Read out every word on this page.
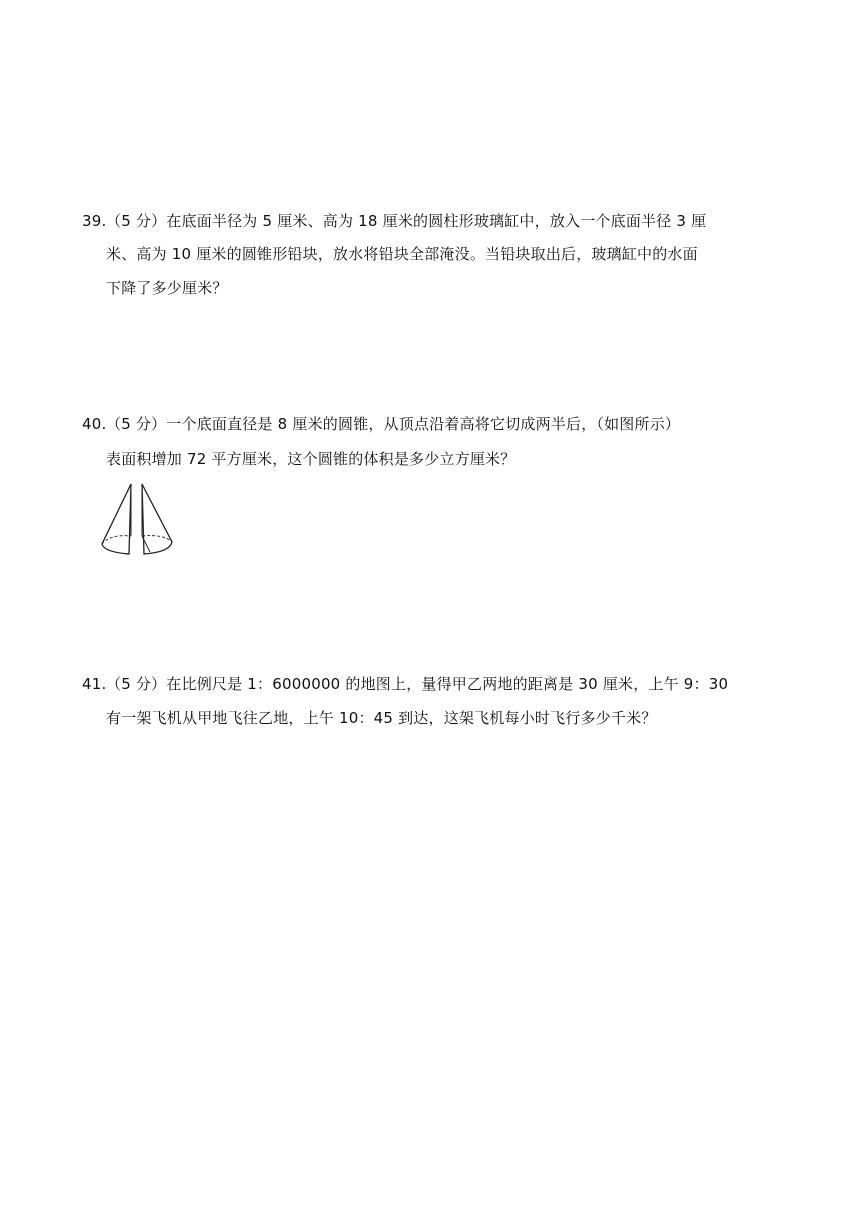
39. （5 分）在底面半径为 5 厘米、高为 18 厘米的圆柱形玻璃缸中，放入一个底面半径 3 厘
米、高为 10 厘米的圆锥形铅块，放水将铅块全部淹没。当铅块取出后，玻璃缸中的水面
下降了多少厘米？
40. （5 分）一个底面直径是 8 厘米的圆锥，从顶点沿着高将它切成两半后，（如图所示）
表面积增加 72 平方厘米，这个圆锥的体积是多少立方厘米？
41. （5 分）在比例尺是 1：6000000 的地图上，量得甲乙两地的距离是 30 厘米，上午 9：30
有一架飞机从甲地飞往乙地，上午 10：45 到达，这架飞机每小时飞行多少千米？
